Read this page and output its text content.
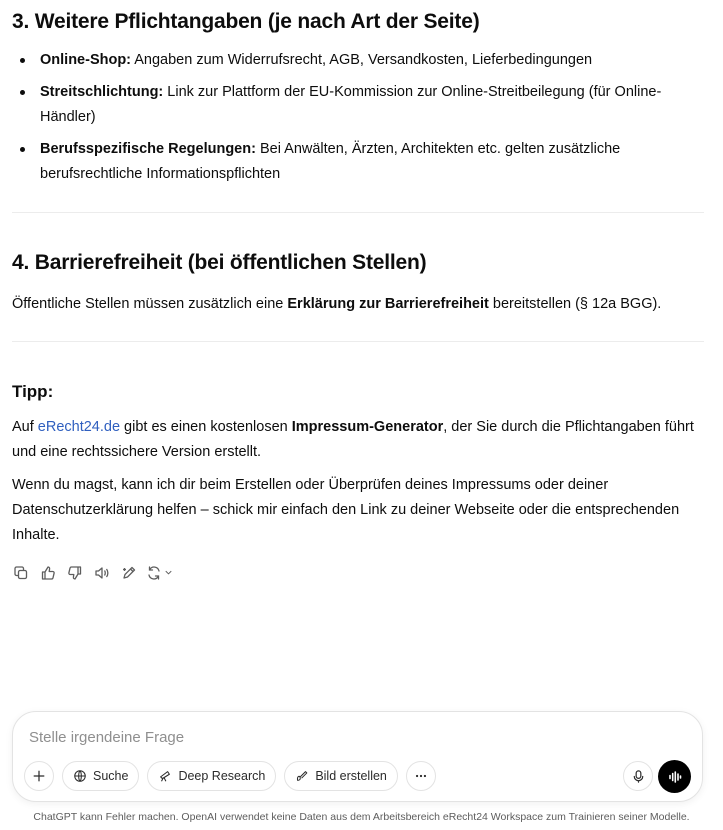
3. Weitere Pflichtangaben (je nach Art der Seite)
Online-Shop: Angaben zum Widerrufsrecht, AGB, Versandkosten, Lieferbedingungen
Streitschlichtung: Link zur Plattform der EU-Kommission zur Online-Streitbeilegung (für Online-Händler)
Berufsspezifische Regelungen: Bei Anwälten, Ärzten, Architekten etc. gelten zusätzliche berufsrechtliche Informationspflichten
4. Barrierefreiheit (bei öffentlichen Stellen)

Öffentliche Stellen müssen zusätzlich eine Erklärung zur Barrierefreiheit bereitstellen (§ 12a BGG).

Tipp:

Auf eRecht24.de gibt es einen kostenlosen Impressum-Generator, der Sie durch die Pflichtangaben führt und eine rechtssichere Version erstellt.

Wenn du magst, kann ich dir beim Erstellen oder Überprüfen deines Impressums oder deiner Datenschutzerklärung helfen – schick mir einfach den Link zu deiner Webseite oder die entsprechenden Inhalte.

Stelle irgendeine Frage
Suche	Deep Research	Bild erstellen
ChatGPT kann Fehler machen. OpenAI verwendet keine Daten aus dem Arbeitsbereich eRecht24 Workspace zum Trainieren seiner Modelle.
